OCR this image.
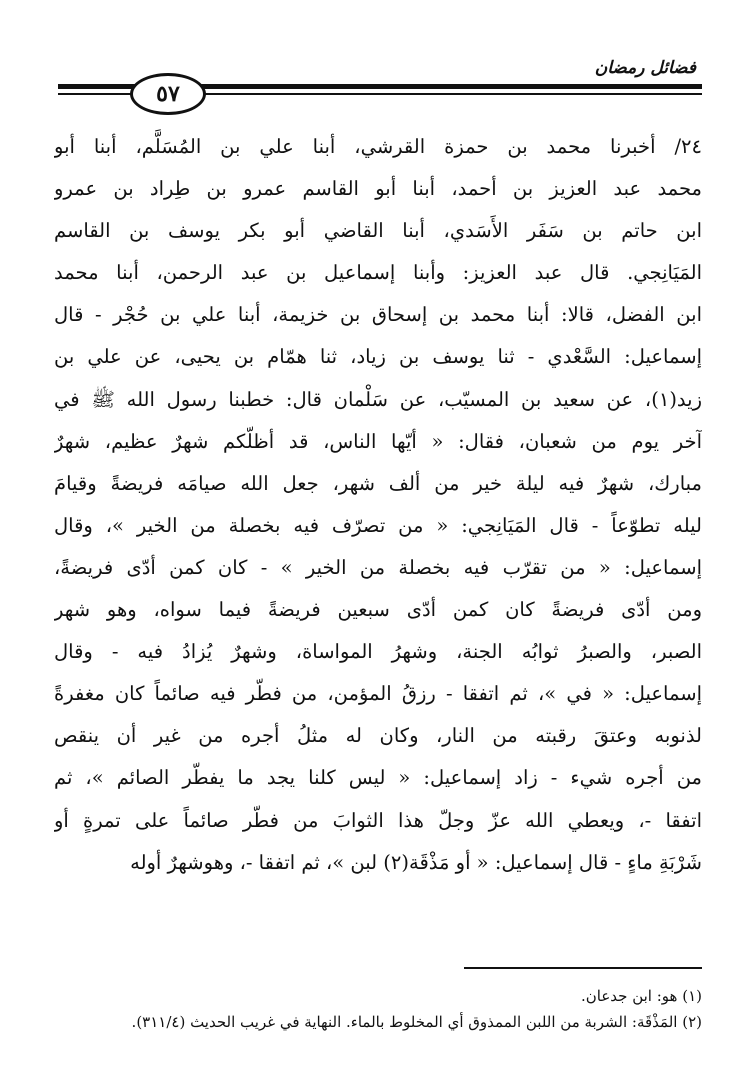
فضائل رمضان
٥٧
٢٤/ أخبرنا محمد بن حمزة القرشي، أبنا علي بن المُسَلَّم، أبنا أبو
محمد عبد العزيز بن أحمد، أبنا أبو القاسم عمرو بن طِراد بن عمرو
ابن حاتم بن سَفَر الأَسَدي، أبنا القاضي أبو بكر يوسف بن القاسم
المَيَانِجي. قال عبد العزيز: وأبنا إسماعيل بن عبد الرحمن، أبنا محمد
ابن الفضل، قالا: أبنا محمد بن إسحاق بن خزيمة، أبنا علي بن حُجْر - قال
إسماعيل: السَّعْدي - ثنا يوسف بن زياد، ثنا همّام بن يحيى، عن علي بن
زيد(١)، عن سعيد بن المسيّب، عن سَلْمان قال: خطبنا رسول الله ﷺ في
آخر يوم من شعبان، فقال: « أيّها الناس، قد أظلّكم شهرٌ عظيم، شهرٌ
مبارك، شهرٌ فيه ليلة خير من ألف شهر، جعل الله صيامَه فريضةً وقيامَ
ليله تطوّعاً - قال المَيَانِجي: « من تصرّف فيه بخصلة من الخير »، وقال
إسماعيل: « من تقرّب فيه بخصلة من الخير » - كان كمن أدّى فريضةً،
ومن أدّى فريضةً كان كمن أدّى سبعين فريضةً فيما سواه، وهو شهر
الصبر، والصبرُ ثوابُه الجنة، وشهرُ المواساة، وشهرٌ يُزادُ فيه - وقال
إسماعيل: « في »، ثم اتفقا - رزقُ المؤمن، من فطّر فيه صائماً كان مغفرةً
لذنوبه وعتقَ رقبته من النار، وكان له مثلُ أجره من غير أن ينقص
من أجره شيء - زاد إسماعيل: « ليس كلنا يجد ما يفطّر الصائم »، ثم
اتفقا -، ويعطي الله عزّ وجلّ هذا الثوابَ من فطّر صائماً على تمرةٍ أو
شَرْبَةِ ماءٍ - قال إسماعيل: « أو مَذْقَة(٢) لبن »، ثم اتفقا -، وهوشهرٌ أوله
(١) هو: ابن جدعان.
(٢) المَذْقَة: الشربة من اللبن الممذوق أي المخلوط بالماء. النهاية في غريب الحديث (٣١١/٤).
